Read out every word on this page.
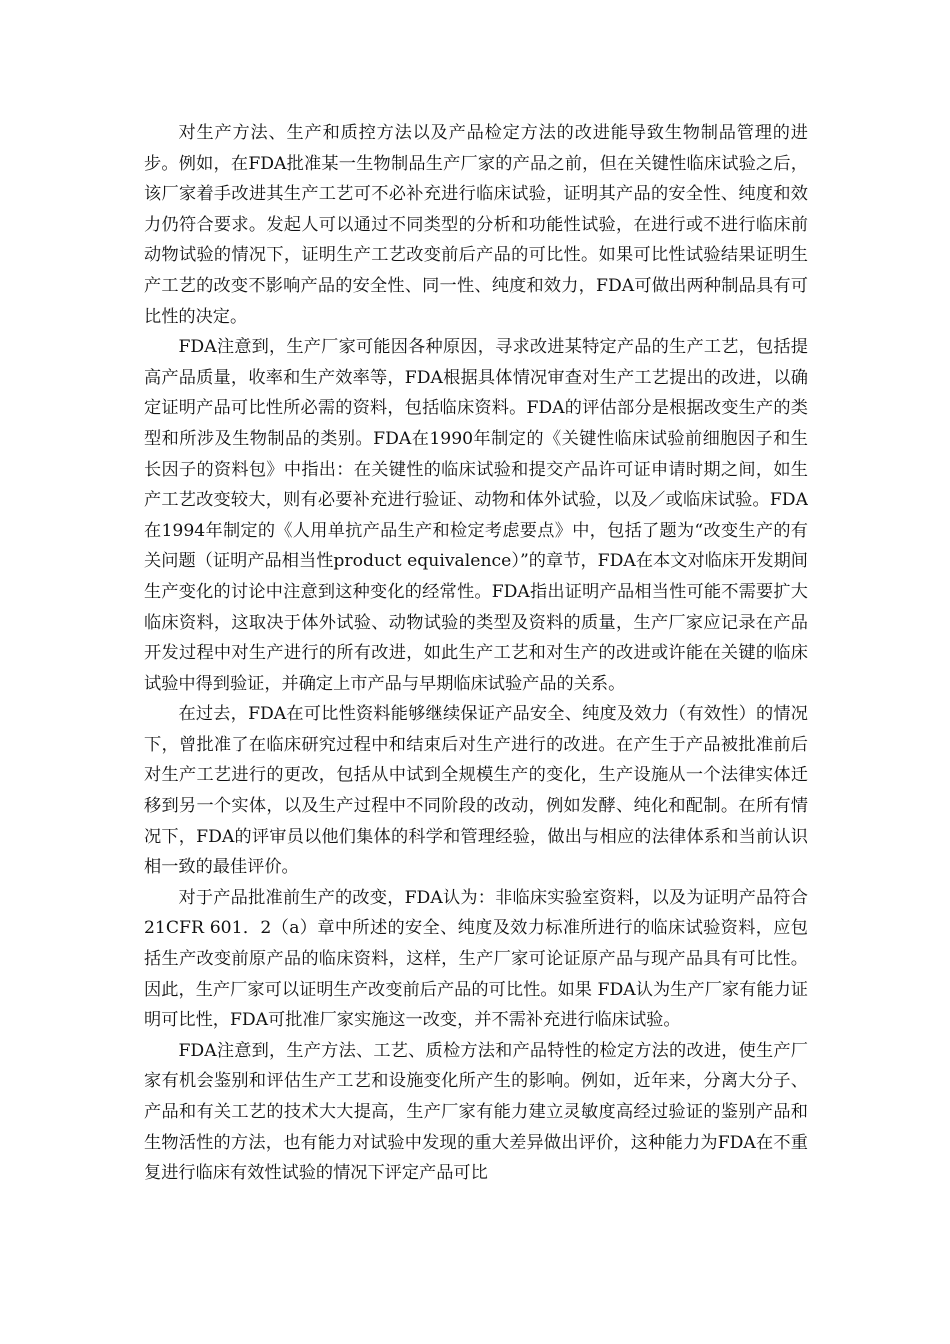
对生产方法、生产和质控方法以及产品检定方法的改进能导致生物制品管理的进步。例如，在FDA批准某一生物制品生产厂家的产品之前，但在关键性临床试验之后，该厂家着手改进其生产工艺可不必补充进行临床试验，证明其产品的安全性、纯度和效力仍符合要求。发起人可以通过不同类型的分析和功能性试验，在进行或不进行临床前动物试验的情况下，证明生产工艺改变前后产品的可比性。如果可比性试验结果证明生产工艺的改变不影响产品的安全性、同一性、纯度和效力，FDA可做出两种制品具有可比性的决定。

FDA注意到，生产厂家可能因各种原因，寻求改进某特定产品的生产工艺，包括提高产品质量，收率和生产效率等，FDA根据具体情况审查对生产工艺提出的改进，以确定证明产品可比性所必需的资料，包括临床资料。FDA的评估部分是根据改变生产的类型和所涉及生物制品的类别。FDA在1990年制定的《关键性临床试验前细胞因子和生长因子的资料包》中指出：在关键性的临床试验和提交产品许可证申请时期之间，如生产工艺改变较大，则有必要补充进行验证、动物和体外试验，以及／或临床试验。FDA在1994年制定的《人用单抗产品生产和检定考虑要点》中，包括了题为“改变生产的有关问题（证明产品相当性product equivalence）”的章节，FDA在本文对临床开发期间生产变化的讨论中注意到这种变化的经常性。FDA指出证明产品相当性可能不需要扩大临床资料，这取决于体外试验、动物试验的类型及资料的质量，生产厂家应记录在产品开发过程中对生产进行的所有改进，如此生产工艺和对生产的改进或许能在关键的临床试验中得到验证，并确定上市产品与早期临床试验产品的关系。

在过去，FDA在可比性资料能够继续保证产品安全、纯度及效力（有效性）的情况下，曾批准了在临床研究过程中和结束后对生产进行的改进。在产生于产品被批准前后对生产工艺进行的更改，包括从中试到全规模生产的变化，生产设施从一个法律实体迁移到另一个实体，以及生产过程中不同阶段的改动，例如发酵、纯化和配制。在所有情况下，FDA的评审员以他们集体的科学和管理经验，做出与相应的法律体系和当前认识相一致的最佳评价。

对于产品批准前生产的改变，FDA认为：非临床实验室资料，以及为证明产品符合21CFR 601．2（a）章中所述的安全、纯度及效力标准所进行的临床试验资料，应包括生产改变前原产品的临床资料，这样，生产厂家可论证原产品与现产品具有可比性。因此，生产厂家可以证明生产改变前后产品的可比性。如果 FDA认为生产厂家有能力证明可比性，FDA可批准厂家实施这一改变，并不需补充进行临床试验。

FDA注意到，生产方法、工艺、质检方法和产品特性的检定方法的改进，使生产厂家有机会鉴别和评估生产工艺和设施变化所产生的影响。例如，近年来，分离大分子、产品和有关工艺的技术大大提高，生产厂家有能力建立灵敏度高经过验证的鉴别产品和生物活性的方法，也有能力对试验中发现的重大差异做出评价，这种能力为FDA在不重复进行临床有效性试验的情况下评定产品可比
